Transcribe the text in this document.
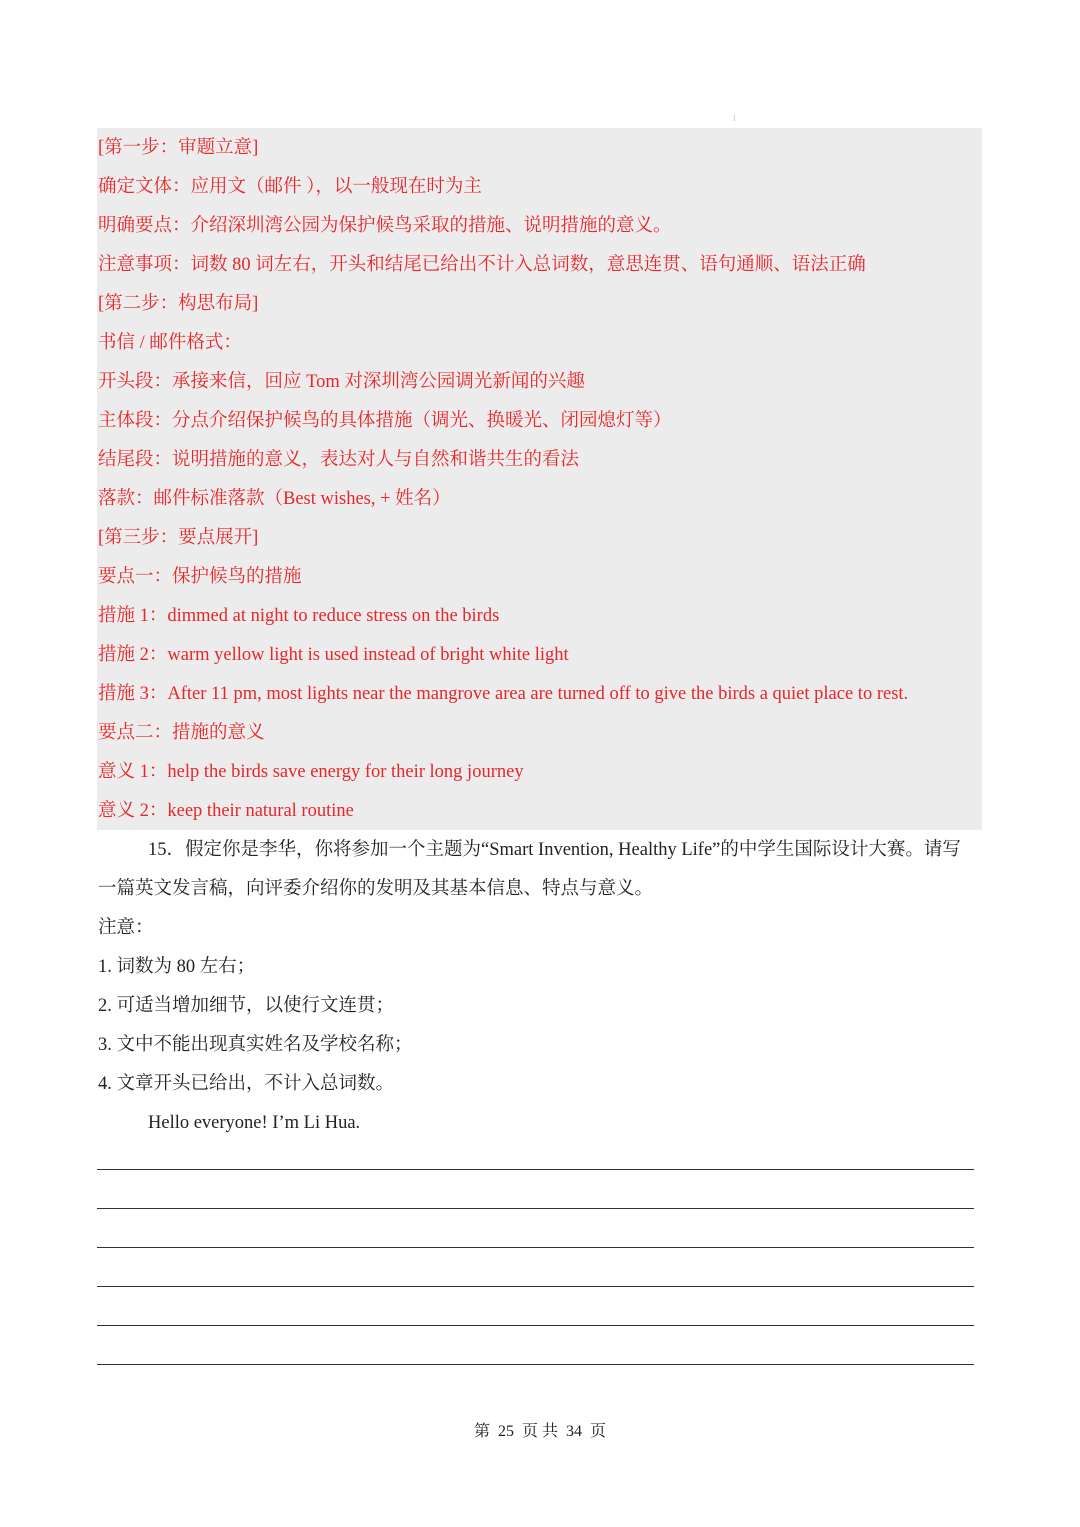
⁝
[第一步：审题立意]
确定文体：应用文（邮件 ），以一般现在时为主
明确要点：介绍深圳湾公园为保护候鸟采取的措施、说明措施的意义。
注意事项：词数 80 词左右，开头和结尾已给出不计入总词数，意思连贯、语句通顺、语法正确
[第二步：构思布局]
书信 / 邮件格式：
开头段：承接来信，回应 Tom 对深圳湾公园调光新闻的兴趣
主体段：分点介绍保护候鸟的具体措施（调光、换暖光、闭园熄灯等）
结尾段：说明措施的意义，表达对人与自然和谐共生的看法
落款：邮件标准落款（Best wishes, + 姓名）
[第三步：要点展开]
要点一：保护候鸟的措施
措施 1：dimmed at night to reduce stress on the birds
措施 2：warm yellow light is used instead of bright white light
措施 3：After 11 pm, most lights near the mangrove area are turned off to give the birds a quiet place to rest.
要点二：措施的意义
意义 1：help the birds save energy for their long journey
意义 2：keep their natural routine
15．假定你是李华，你将参加一个主题为“Smart Invention, Healthy Life”的中学生国际设计大赛。请写
一篇英文发言稿，向评委介绍你的发明及其基本信息、特点与意义。
注意：
1. 词数为 80 左右；
2. 可适当增加细节，以使行文连贯；
3. 文中不能出现真实姓名及学校名称；
4. 文章开头已给出，不计入总词数。
Hello everyone! I’m Li Hua.
第 25 页 共 34 页
